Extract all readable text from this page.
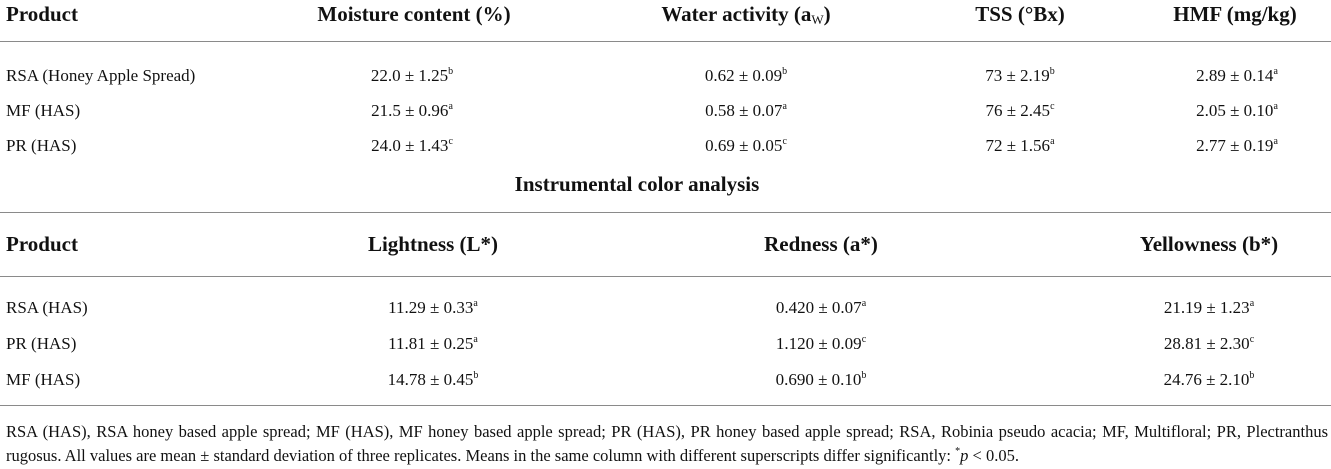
Product	Moisture content (%)	Water activity $(a_W)$	TSS (°Bx)	HMF (mg/kg)
RSA (Honey Apple Spread)	22.0 ± 1.25$^b$	0.62 ± 0.09$^b$	73 ± 2.19$^b$	2.89 ± 0.14$^a$
MF (HAS)	21.5 ± 0.96$^a$	0.58 ± 0.07$^a$	76 ± 2.45$^c$	2.05 ± 0.10$^a$
PR (HAS)	24.0 ± 1.43$^c$	0.69 ± 0.05$^c$	72 ± 1.56$^a$	2.77 ± 0.19$^a$
Instrumental color analysis
Product	Lightness (L*)	Redness (a*)	Yellowness (b*)
RSA (HAS)	11.29 ± 0.33$^a$	0.420 ± 0.07$^a$	21.19 ± 1.23$^a$
PR (HAS)	11.81 ± 0.25$^a$	1.120 ± 0.09$^c$	28.81 ± 2.30$^c$
MF (HAS)	14.78 ± 0.45$^b$	0.690 ± 0.10$^b$	24.76 ± 2.10$^b$
RSA (HAS), RSA honey based apple spread; MF (HAS), MF honey based apple spread; PR (HAS), PR honey based apple spread; RSA, Robinia pseudo acacia; MF, Multifloral; PR, Plectranthus rugosus. All values are mean ± standard deviation of three replicates. Means in the same column with different superscripts differ significantly: *p < 0.05.
